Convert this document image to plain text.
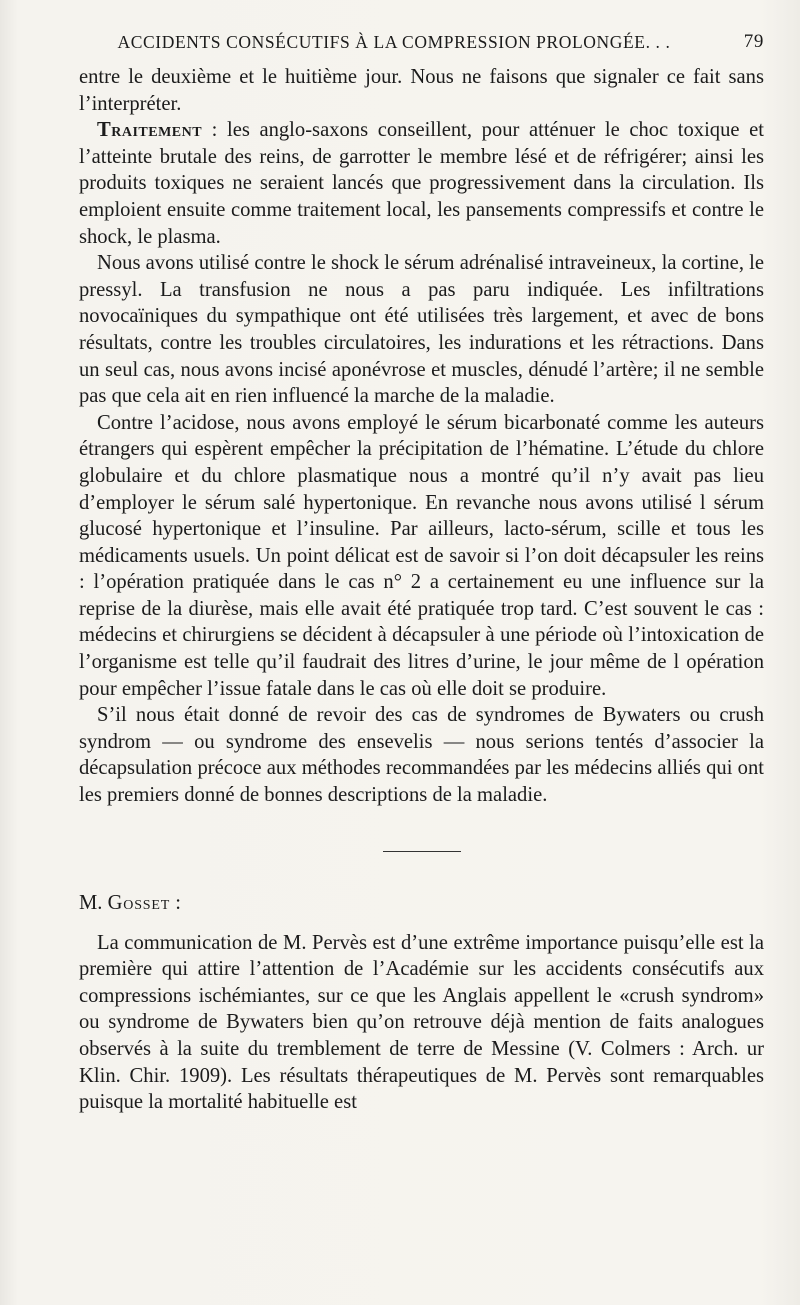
ACCIDENTS CONSÉCUTIFS À LA COMPRESSION PROLONGÉE. . .	79

entre le deuxième et le huitième jour. Nous ne faisons que signaler ce fait sans l’interpréter.

Traitement : les anglo-saxons conseillent, pour atténuer le choc toxique et l’atteinte brutale des reins, de garrotter le membre lésé et de réfrigérer; ainsi les produits toxiques ne seraient lancés que progressivement dans la circulation. Ils emploient ensuite comme traitement local, les pansements compressifs et contre le shock, le plasma.

Nous avons utilisé contre le shock le sérum adrénalisé intraveineux, la cortine, le pressyl. La transfusion ne nous a pas paru indiquée. Les infiltrations novocaïniques du sympathique ont été utilisées très largement, et avec de bons résultats, contre les troubles circulatoires, les indurations et les rétractions. Dans un seul cas, nous avons incisé aponévrose et muscles, dénudé l’artère; il ne semble pas que cela ait en rien influencé la marche de la maladie.

Contre l’acidose, nous avons employé le sérum bicarbonaté comme les auteurs étrangers qui espèrent empêcher la précipitation de l’hématine. L’étude du chlore globulaire et du chlore plasmatique nous a montré qu’il n’y avait pas lieu d’employer le sérum salé hypertonique. En revanche nous avons utilisé l sérum glucosé hypertonique et l’insuline. Par ailleurs, lacto-sérum, scille et tous les médicaments usuels. Un point délicat est de savoir si l’on doit décapsuler les reins : l’opération pratiquée dans le cas n° 2 a certainement eu une influence sur la reprise de la diurèse, mais elle avait été pratiquée trop tard. C’est souvent le cas : médecins et chirurgiens se décident à décapsuler à une période où l’intoxication de l’organisme est telle qu’il faudrait des litres d’urine, le jour même de l opération pour empêcher l’issue fatale dans le cas où elle doit se produire.

S’il nous était donné de revoir des cas de syndromes de Bywaters ou crush syndrom — ou syndrome des ensevelis — nous serions tentés d’associer la décapsulation précoce aux méthodes recommandées par les médecins alliés qui ont les premiers donné de bonnes descriptions de la maladie.

M. Gosset :

La communication de M. Pervès est d’une extrême importance puisqu’elle est la première qui attire l’attention de l’Académie sur les accidents consécutifs aux compressions ischémiantes, sur ce que les Anglais appellent le «crush syndrom» ou syndrome de Bywaters bien qu’on retrouve déjà mention de faits analogues observés à la suite du tremblement de terre de Messine (V. Colmers : Arch. ur Klin. Chir. 1909). Les résultats thérapeutiques de M. Pervès sont remarquables puisque la mortalité habituelle est
